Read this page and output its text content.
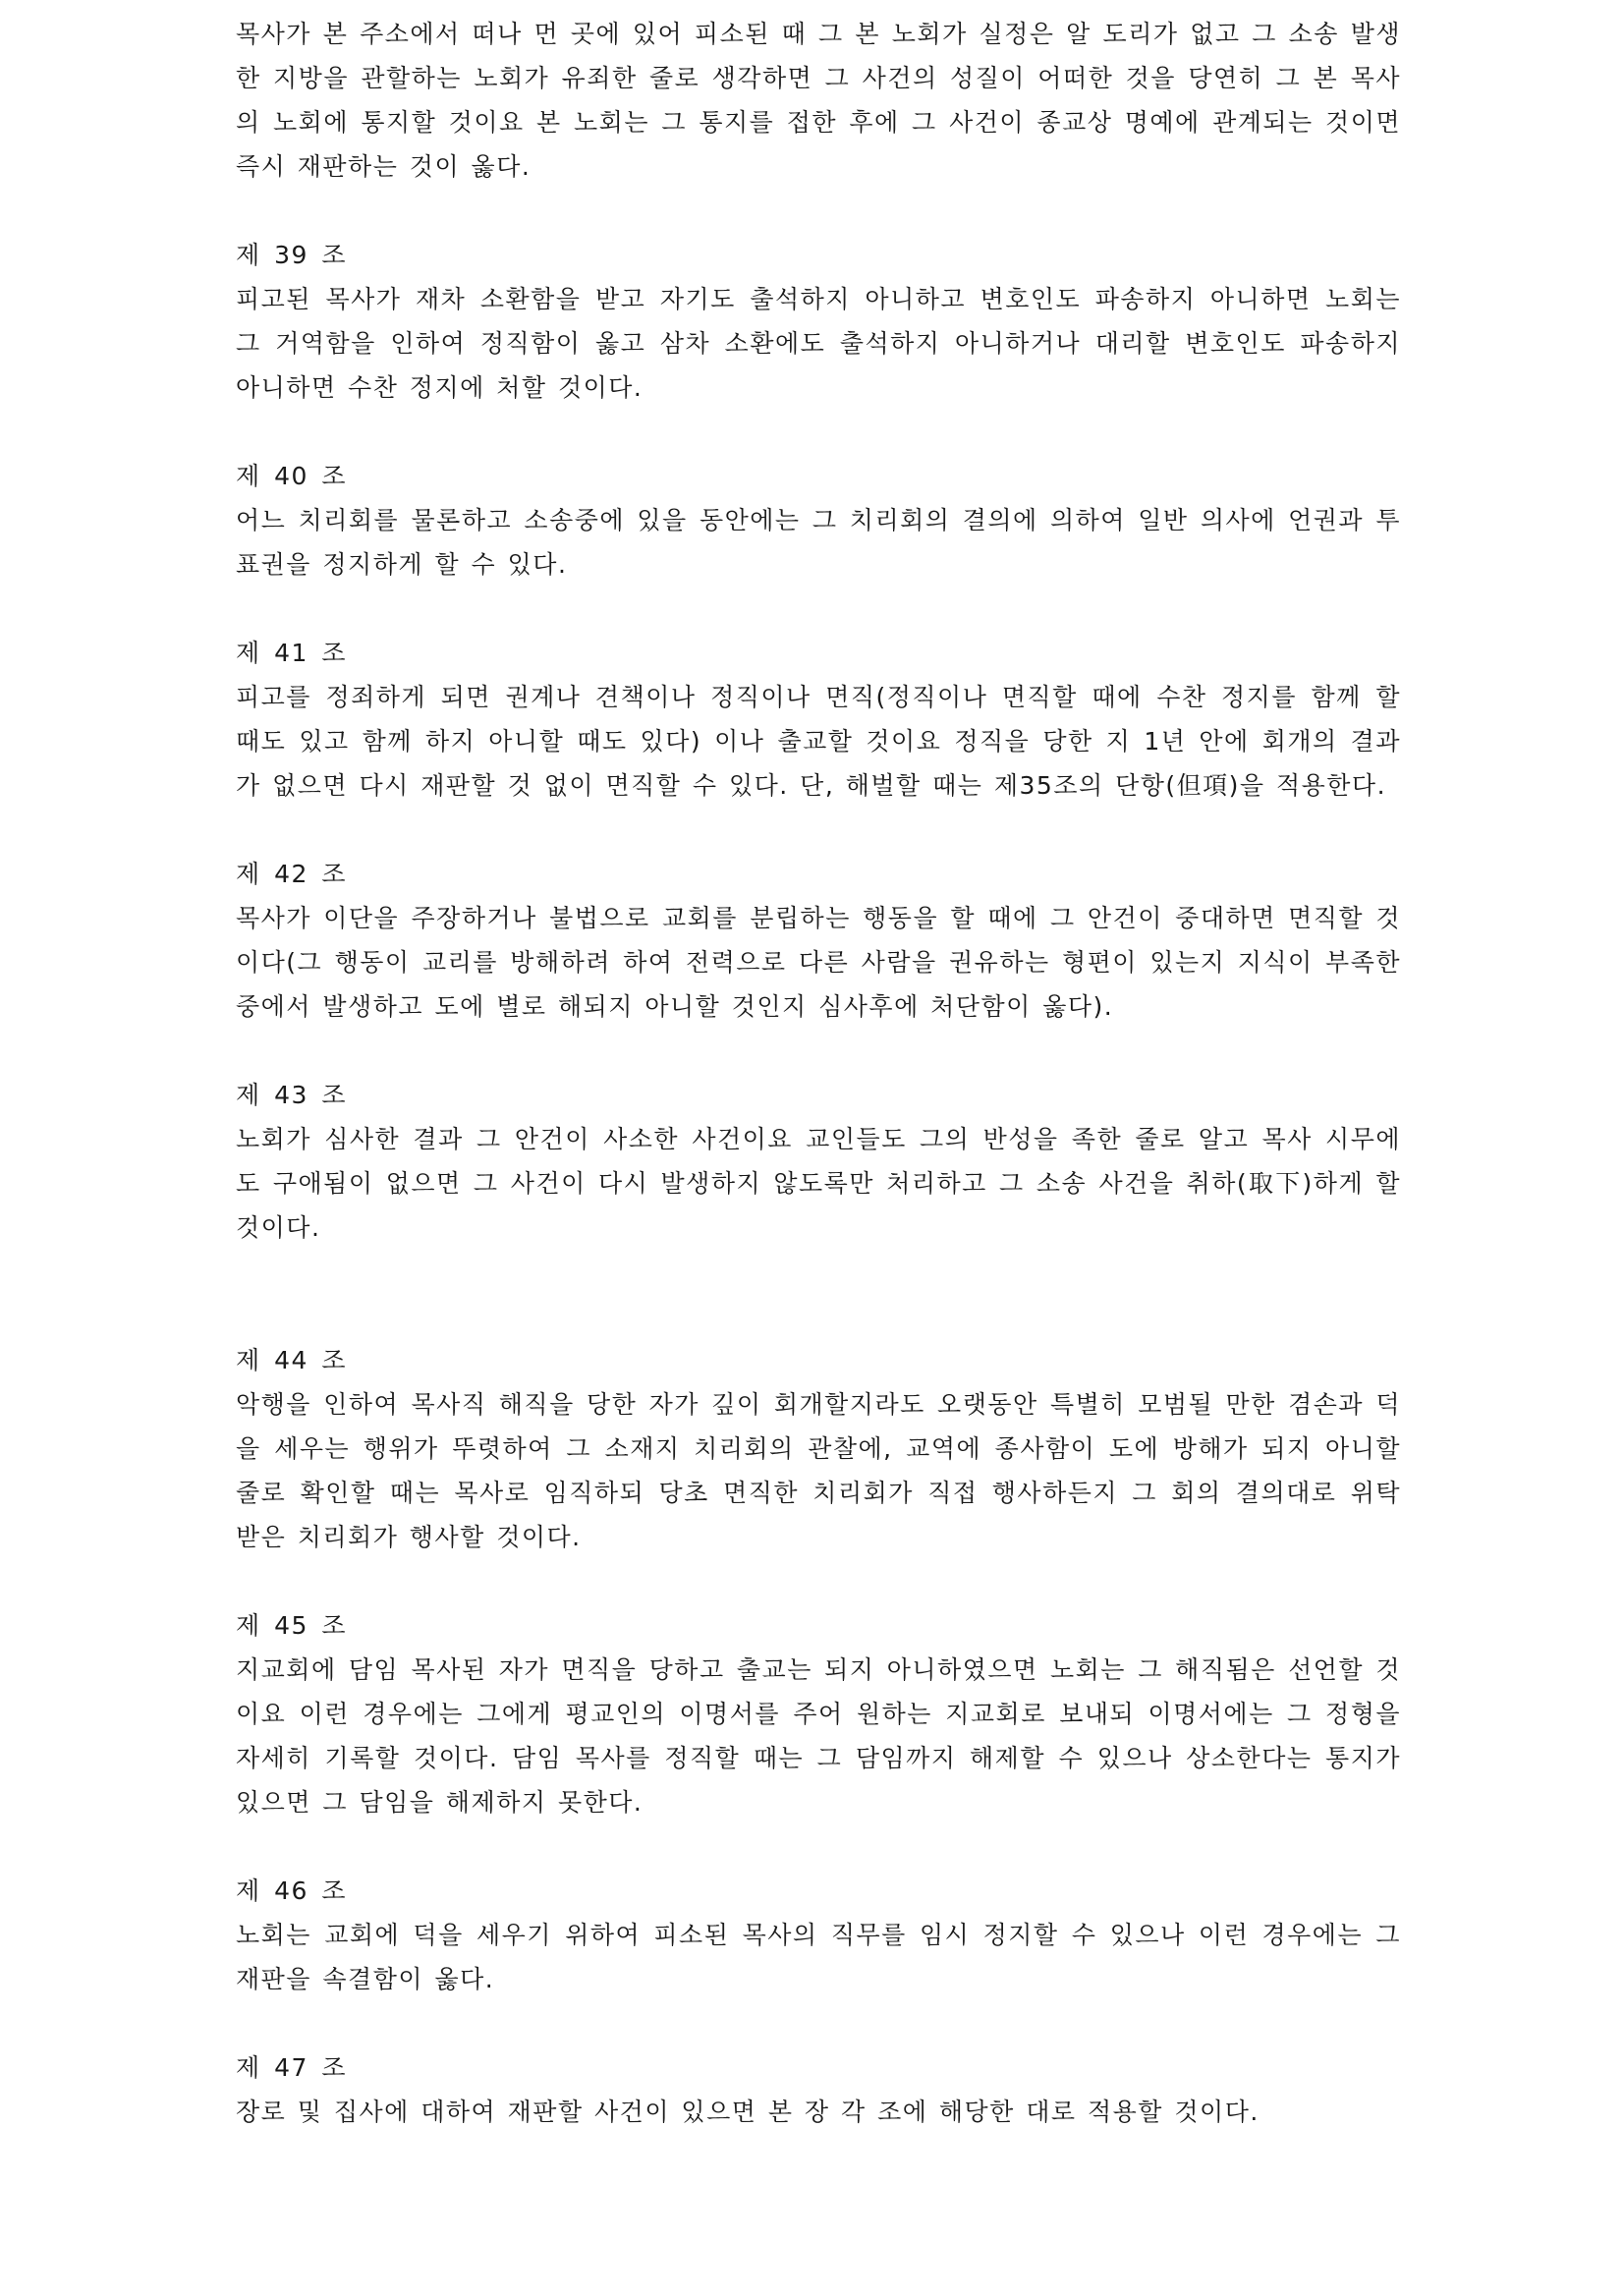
목사가 본 주소에서 떠나 먼 곳에 있어 피소된 때 그 본 노회가 실정은 알 도리가 없고 그 소송 발생한 지방을 관할하는 노회가 유죄한 줄로 생각하면 그 사건의 성질이 어떠한 것을 당연히 그 본 목사의 노회에 통지할 것이요 본 노회는 그 통지를 접한 후에 그 사건이 종교상 명예에 관계되는 것이면 즉시 재판하는 것이 옳다.

제 39 조

피고된 목사가 재차 소환함을 받고 자기도 출석하지 아니하고 변호인도 파송하지 아니하면 노회는 그 거역함을 인하여 정직함이 옳고 삼차 소환에도 출석하지 아니하거나 대리할 변호인도 파송하지 아니하면 수찬 정지에 처할 것이다.

제 40 조

어느 치리회를 물론하고 소송중에 있을 동안에는 그 치리회의 결의에 의하여 일반 의사에 언권과 투표권을 정지하게 할 수 있다.

제 41 조

피고를 정죄하게 되면 권계나 견책이나 정직이나 면직(정직이나 면직할 때에 수찬 정지를 함께 할 때도 있고 함께 하지 아니할 때도 있다) 이나 출교할 것이요 정직을 당한 지 1년 안에 회개의 결과가 없으면 다시 재판할 것 없이 면직할 수 있다. 단, 해벌할 때는 제35조의 단항(但項)을 적용한다.

제 42 조

목사가 이단을 주장하거나 불법으로 교회를 분립하는 행동을 할 때에 그 안건이 중대하면 면직할 것이다(그 행동이 교리를 방해하려 하여 전력으로 다른 사람을 권유하는 형편이 있는지 지식이 부족한 중에서 발생하고 도에 별로 해되지 아니할 것인지 심사후에 처단함이 옳다).

제 43 조

노회가 심사한 결과 그 안건이 사소한 사건이요 교인들도 그의 반성을 족한 줄로 알고 목사 시무에도 구애됨이 없으면 그 사건이 다시 발생하지 않도록만 처리하고 그 소송 사건을 취하(取下)하게 할 것이다.

제 44 조

악행을 인하여 목사직 해직을 당한 자가 깊이 회개할지라도 오랫동안 특별히 모범될 만한 겸손과 덕을 세우는 행위가 뚜렷하여 그 소재지 치리회의 관찰에, 교역에 종사함이 도에 방해가 되지 아니할 줄로 확인할 때는 목사로 임직하되 당초 면직한 치리회가 직접 행사하든지 그 회의 결의대로 위탁 받은 치리회가 행사할 것이다.

제 45 조

지교회에 담임 목사된 자가 면직을 당하고 출교는 되지 아니하였으면 노회는 그 해직됨은 선언할 것이요 이런 경우에는 그에게 평교인의 이명서를 주어 원하는 지교회로 보내되 이명서에는 그 정형을 자세히 기록할 것이다. 담임 목사를 정직할 때는 그 담임까지 해제할 수 있으나 상소한다는 통지가 있으면 그 담임을 해제하지 못한다.

제 46 조

노회는 교회에 덕을 세우기 위하여 피소된 목사의 직무를 임시 정지할 수 있으나 이런 경우에는 그 재판을 속결함이 옳다.

제 47 조

장로 및 집사에 대하여 재판할 사건이 있으면 본 장 각 조에 해당한 대로 적용할 것이다.
